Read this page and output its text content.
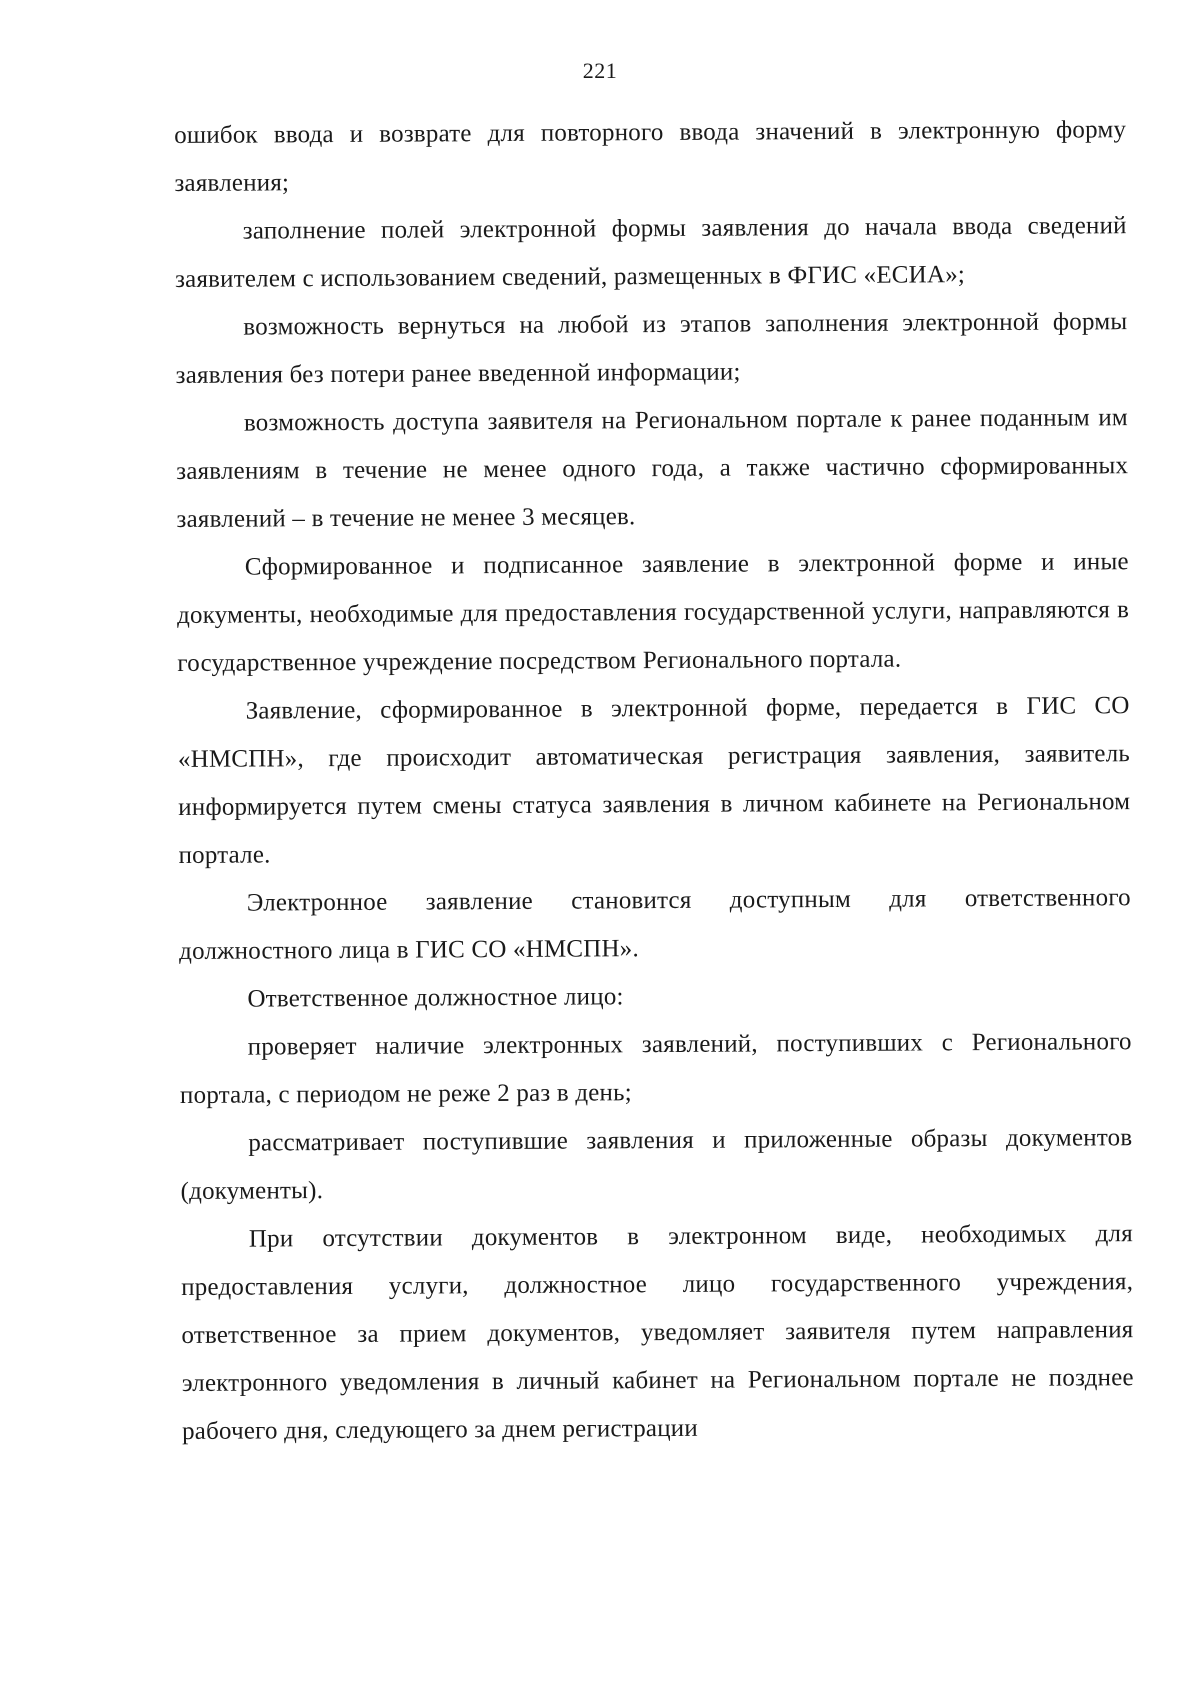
221

ошибок ввода и возврате для повторного ввода значений в электронную форму заявления;

заполнение полей электронной формы заявления до начала ввода сведений заявителем с использованием сведений, размещенных в ФГИС «ЕСИА»;

возможность вернуться на любой из этапов заполнения электронной формы заявления без потери ранее введенной информации;

возможность доступа заявителя на Региональном портале к ранее поданным им заявлениям в течение не менее одного года, а также частично сформированных заявлений – в течение не менее 3 месяцев.

Сформированное и подписанное заявление в электронной форме и иные документы, необходимые для предоставления государственной услуги, направляются в государственное учреждение посредством Регионального портала.

Заявление, сформированное в электронной форме, передается в ГИС СО «НМСПН», где происходит автоматическая регистрация заявления, заявитель информируется путем смены статуса заявления в личном кабинете на Региональном портале.

Электронное заявление становится доступным для ответственного должностного лица в ГИС СО «НМСПН».

Ответственное должностное лицо:

проверяет наличие электронных заявлений, поступивших с Регионального портала, с периодом не реже 2 раз в день;

рассматривает поступившие заявления и приложенные образы документов (документы).

При отсутствии документов в электронном виде, необходимых для предоставления услуги, должностное лицо государственного учреждения, ответственное за прием документов, уведомляет заявителя путем направления электронного уведомления в личный кабинет на Региональном портале не позднее рабочего дня, следующего за днем регистрации
